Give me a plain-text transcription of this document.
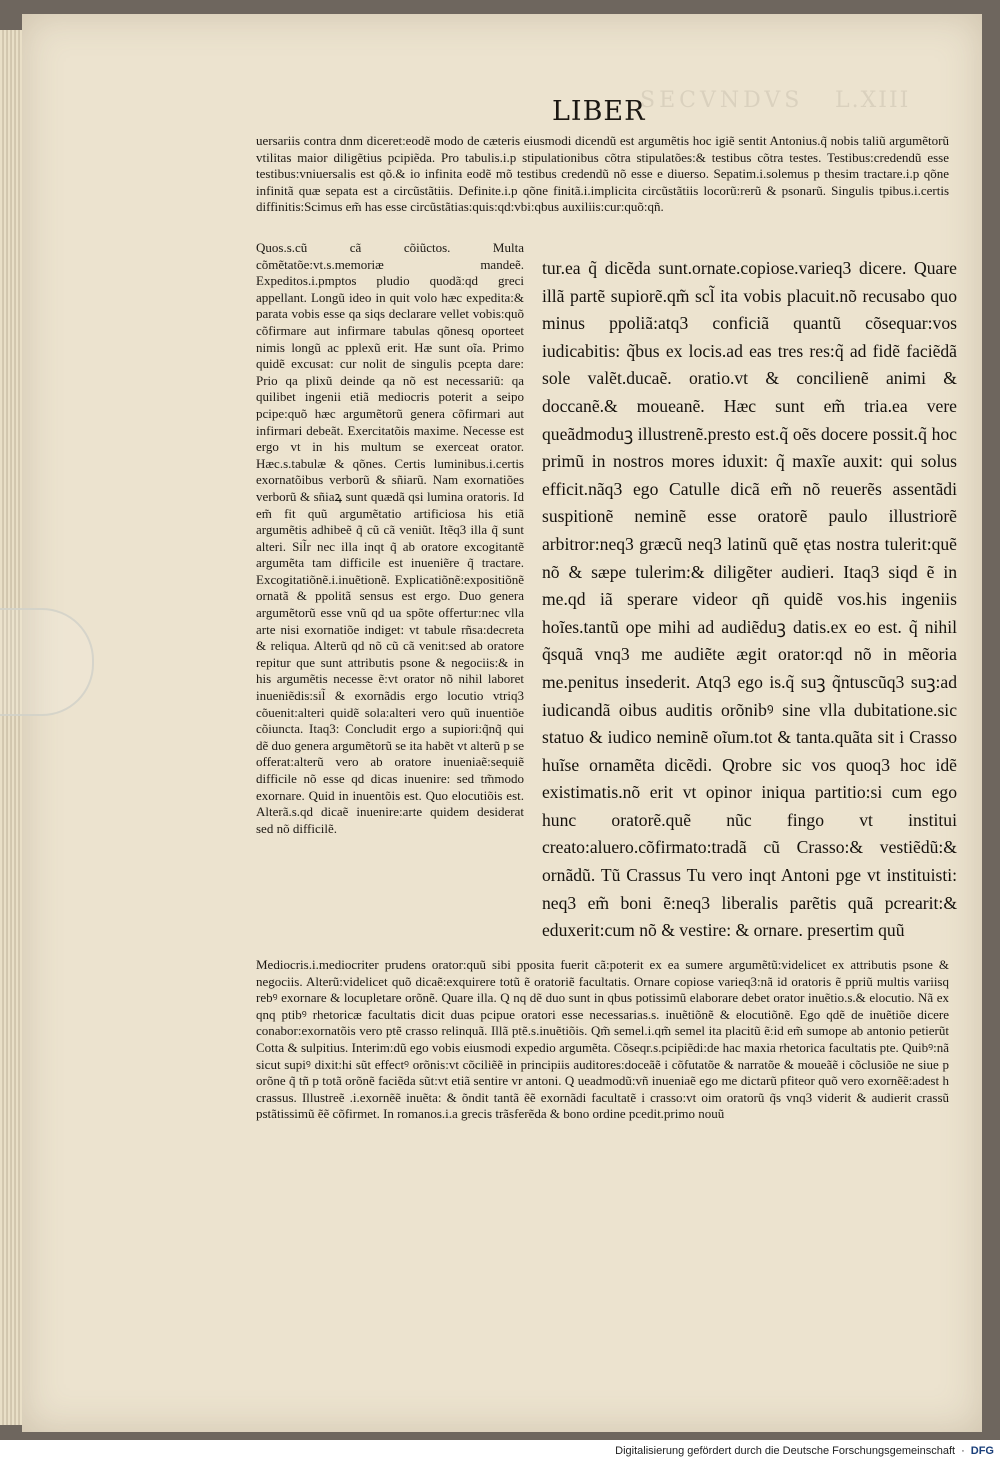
SECVNDVS L.XIII
LIBER

uersariis contra dnm diceret:eodẽ modo de cæteris eiusmodi dicendũ est argumẽtis hoc igiẽ sentit Antonius.q̃ nobis taliũ argumẽtorũ vtilitas maior diligẽtius pcipiẽda. Pro tabulis.i.p stipulationibus cõtra stipulatões:& testibus cõtra testes. Testibus:credendũ esse testibus:vniuersalis est qõ.& io infinita eodẽ mõ testibus credendũ nõ esse e diuerso. Sepatim.i.solemus p thesim tractare.i.p qõne infinitã quæ sepata est a circũstãtiis. Definite.i.p qõne finitã.i.implicita circũstãtiis locorũ:rerũ & psonarũ. Singulis tpibus.i.certis diffinitis:Scimus em̃ has esse circũstãtias:quis:qd:vbi:qbus auxiliis:cur:quõ:qñ.

Quos.s.cũ cã cõiũctos. Multa cõmẽtatõe:vt.s.memoriæ mandeẽ. Expeditos.i.pmptos pludio quodã:qd greci appellant. Longũ ideo in quit volo hæc expedita:& parata vobis esse qa siqs declarare vellet vobis:quõ cõfirmare aut infirmare tabulas qõnesq oporteet nimis longũ ac pplexũ erit. Hæ sunt oĩa. Primo quidẽ excusat: cur nolit de singulis pcepta dare: Prio qa plixũ deinde qa nõ est necessariũ: qa quilibet ingenii etiã mediocris poterit a seipo pcipe:quõ hæc argumẽtorũ genera cõfirmari aut infirmari debeãt. Exercitatõis maxime. Necesse est ergo vt in his multum se exerceat orator. Hæc.s.tabulæ & qõnes. Certis luminibus.i.certis exornatõibus verborũ & sñiarũ. Nam exornatiões verborũ & sñiaꝝ sunt quædã qsi lumina oratoris. Id em̃ fit quũ argumẽtatio artificiosa his etiã argumẽtis adhibeẽ q̃ cũ cã veniũt. Itẽq3 illa q̃ sunt alteri. Sil̃r nec illa inqt q̃ ab oratore excogitantẽ argumẽta tam difficile est inueniẽre q̃ tractare. Excogitatiõnẽ.i.inuẽtionẽ. Explicatiõnẽ:expositiõnẽ ornatã & ppolitã sensus est ergo. Duo genera argumẽtorũ esse vnũ qd ua spõte offertur:nec vlla arte nisi exornatiõe indiget: vt tabule rñsa:decreta & reliqua. Alterũ qd nõ cũ cã venit:sed ab oratore repitur que sunt attributis psone & negociis:& in his argumẽtis necesse ẽ:vt orator nõ nihil laboret inueniẽdis:sil̃ & exornãdis ergo locutio vtriq3 cõuenit:alteri quidẽ sola:alteri vero quũ inuentiõe cõiuncta. Itaq3: Concludit ergo a supiori:q̃nq̃ qui dẽ duo genera argumẽtorũ se ita habẽt vt alterũ p se offerat:alterũ vero ab oratore inueniaẽ:sequiẽ difficile nõ esse qd dicas inuenire: sed tm̃modo exornare. Quid in inuentõis est. Quo elocutiõis est. Alterã.s.qd dicaẽ inuenire:arte quidem desiderat sed nõ difficilẽ.

tur.ea q̃ dicẽda sunt.ornate.copiose.varieq3 dicere. Quare illã partẽ supiorẽ.qm̃ scl̃ ita vobis placuit.nõ recusabo quo minus ppoliã:atq3 conficiã quantũ cõsequar:vos iudicabitis: q̃bus ex locis.ad eas tres res:q̃ ad fidẽ faciẽdã sole valẽt.ducaẽ. oratio.vt & concilienẽ animi & doccanẽ.& moueanẽ. Hæc sunt em̃ tria.ea vere queãdmoduꝫ illustrenẽ.presto est.q̃ oẽs docere possit.q̃ hoc primũ in nostros mores iduxit: q̃ maxĩe auxit: qui solus efficit.nãq3 ego Catulle dicã em̃ nõ reuerẽs assentãdi suspitionẽ neminẽ esse oratorẽ paulo illustriorẽ arbitror:neq3 græcũ neq3 latinũ quẽ ętas nostra tulerit:quẽ nõ & sæpe tulerim:& diligẽter audieri. Itaq3 siqd ẽ in me.qd iã sperare videor qñ quidẽ vos.his ingeniis hoĩes.tantũ ope mihi ad audiẽduꝫ datis.ex eo est. q̃ nihil q̃squã vnq3 me audiẽte ægit orator:qd nõ in mẽoria me.penitus insederit. Atq3 ego is.q̃ suꝫ q̃ntuscũq3 suꝫ:ad iudicandã oibus auditis orõnibꝰ sine vlla dubitatione.sic statuo & iudico neminẽ oĩum.tot & tanta.quãta sit i Crasso huĩse ornamẽta dicẽdi. Qrobre sic vos quoq3 hoc idẽ existimatis.nõ erit vt opinor iniqua partitio:si cum ego hunc oratorẽ.quẽ nũc fingo vt institui creato:aluero.cõfirmato:tradã cũ Crasso:& vestiẽdũ:& ornãdũ. Tũ Crassus Tu vero inqt Antoni pge vt instituisti: neq3 em̃ boni ẽ:neq3 liberalis parẽtis quã pcrearit:& eduxerit:cum nõ & vestire: & ornare. presertim quũ

Mediocris.i.mediocriter prudens orator:quũ sibi pposita fuerit cã:poterit ex ea sumere argumẽtũ:videlicet ex attributis psone & negociis. Alterũ:videlicet quõ dicaẽ:exquirere totũ ẽ oratoriẽ facultatis. Ornare copiose varieq3:nã id oratoris ẽ ppriũ multis variisq rebꝰ exornare & locupletare orõnẽ. Quare illa. Q nq dẽ duo sunt in qbus potissimũ elaborare debet orator inuẽtio.s.& elocutio. Nã ex qnq ptibꝰ rhetoricæ facultatis dicit duas pcipue oratori esse necessarias.s. inuẽtiõnẽ & elocutiõnẽ. Ego qdẽ de inuẽtiõe dicere conabor:exornatõis vero ptẽ crasso relinquã. Illã ptẽ.s.inuẽtiõis. Qm̃ semel.i.qm̃ semel ita placitũ ẽ:id em̃ sumope ab antonio petierũt Cotta & sulpitius. Interim:dũ ego vobis eiusmodi expedio argumẽta. Cõseqr.s.pcipiẽdi:de hac maxia rhetorica facultatis pte. Quibꝰ:nã sicut supiꝰ dixit:hi sũt effectꝰ orõnis:vt cõciliẽẽ in principiis auditores:doceãẽ i cõfutatõe & narratõe & moueãẽ i cõclusiõe ne siue p orõne q̃ tñ p totã orõnẽ faciẽda sũt:vt etiã sentire vr antoni. Q ueadmodũ:vñ inueniaẽ ego me dictarũ pfiteor quõ vero exornẽẽ:adest h crassus. Illustreẽ .i.exornẽẽ inuẽta: & õndit tantã ẽẽ exornãdi facultatẽ i crasso:vt oim oratorũ q̃s vnq3 viderit & audierit crassũ pstãtissimũ ẽẽ cõfirmet. In romanos.i.a grecis trãsferẽda & bono ordine pcedit.primo nouũ

Digitalisierung gefördert durch die Deutsche Forschungsgemeinschaft · DFG
